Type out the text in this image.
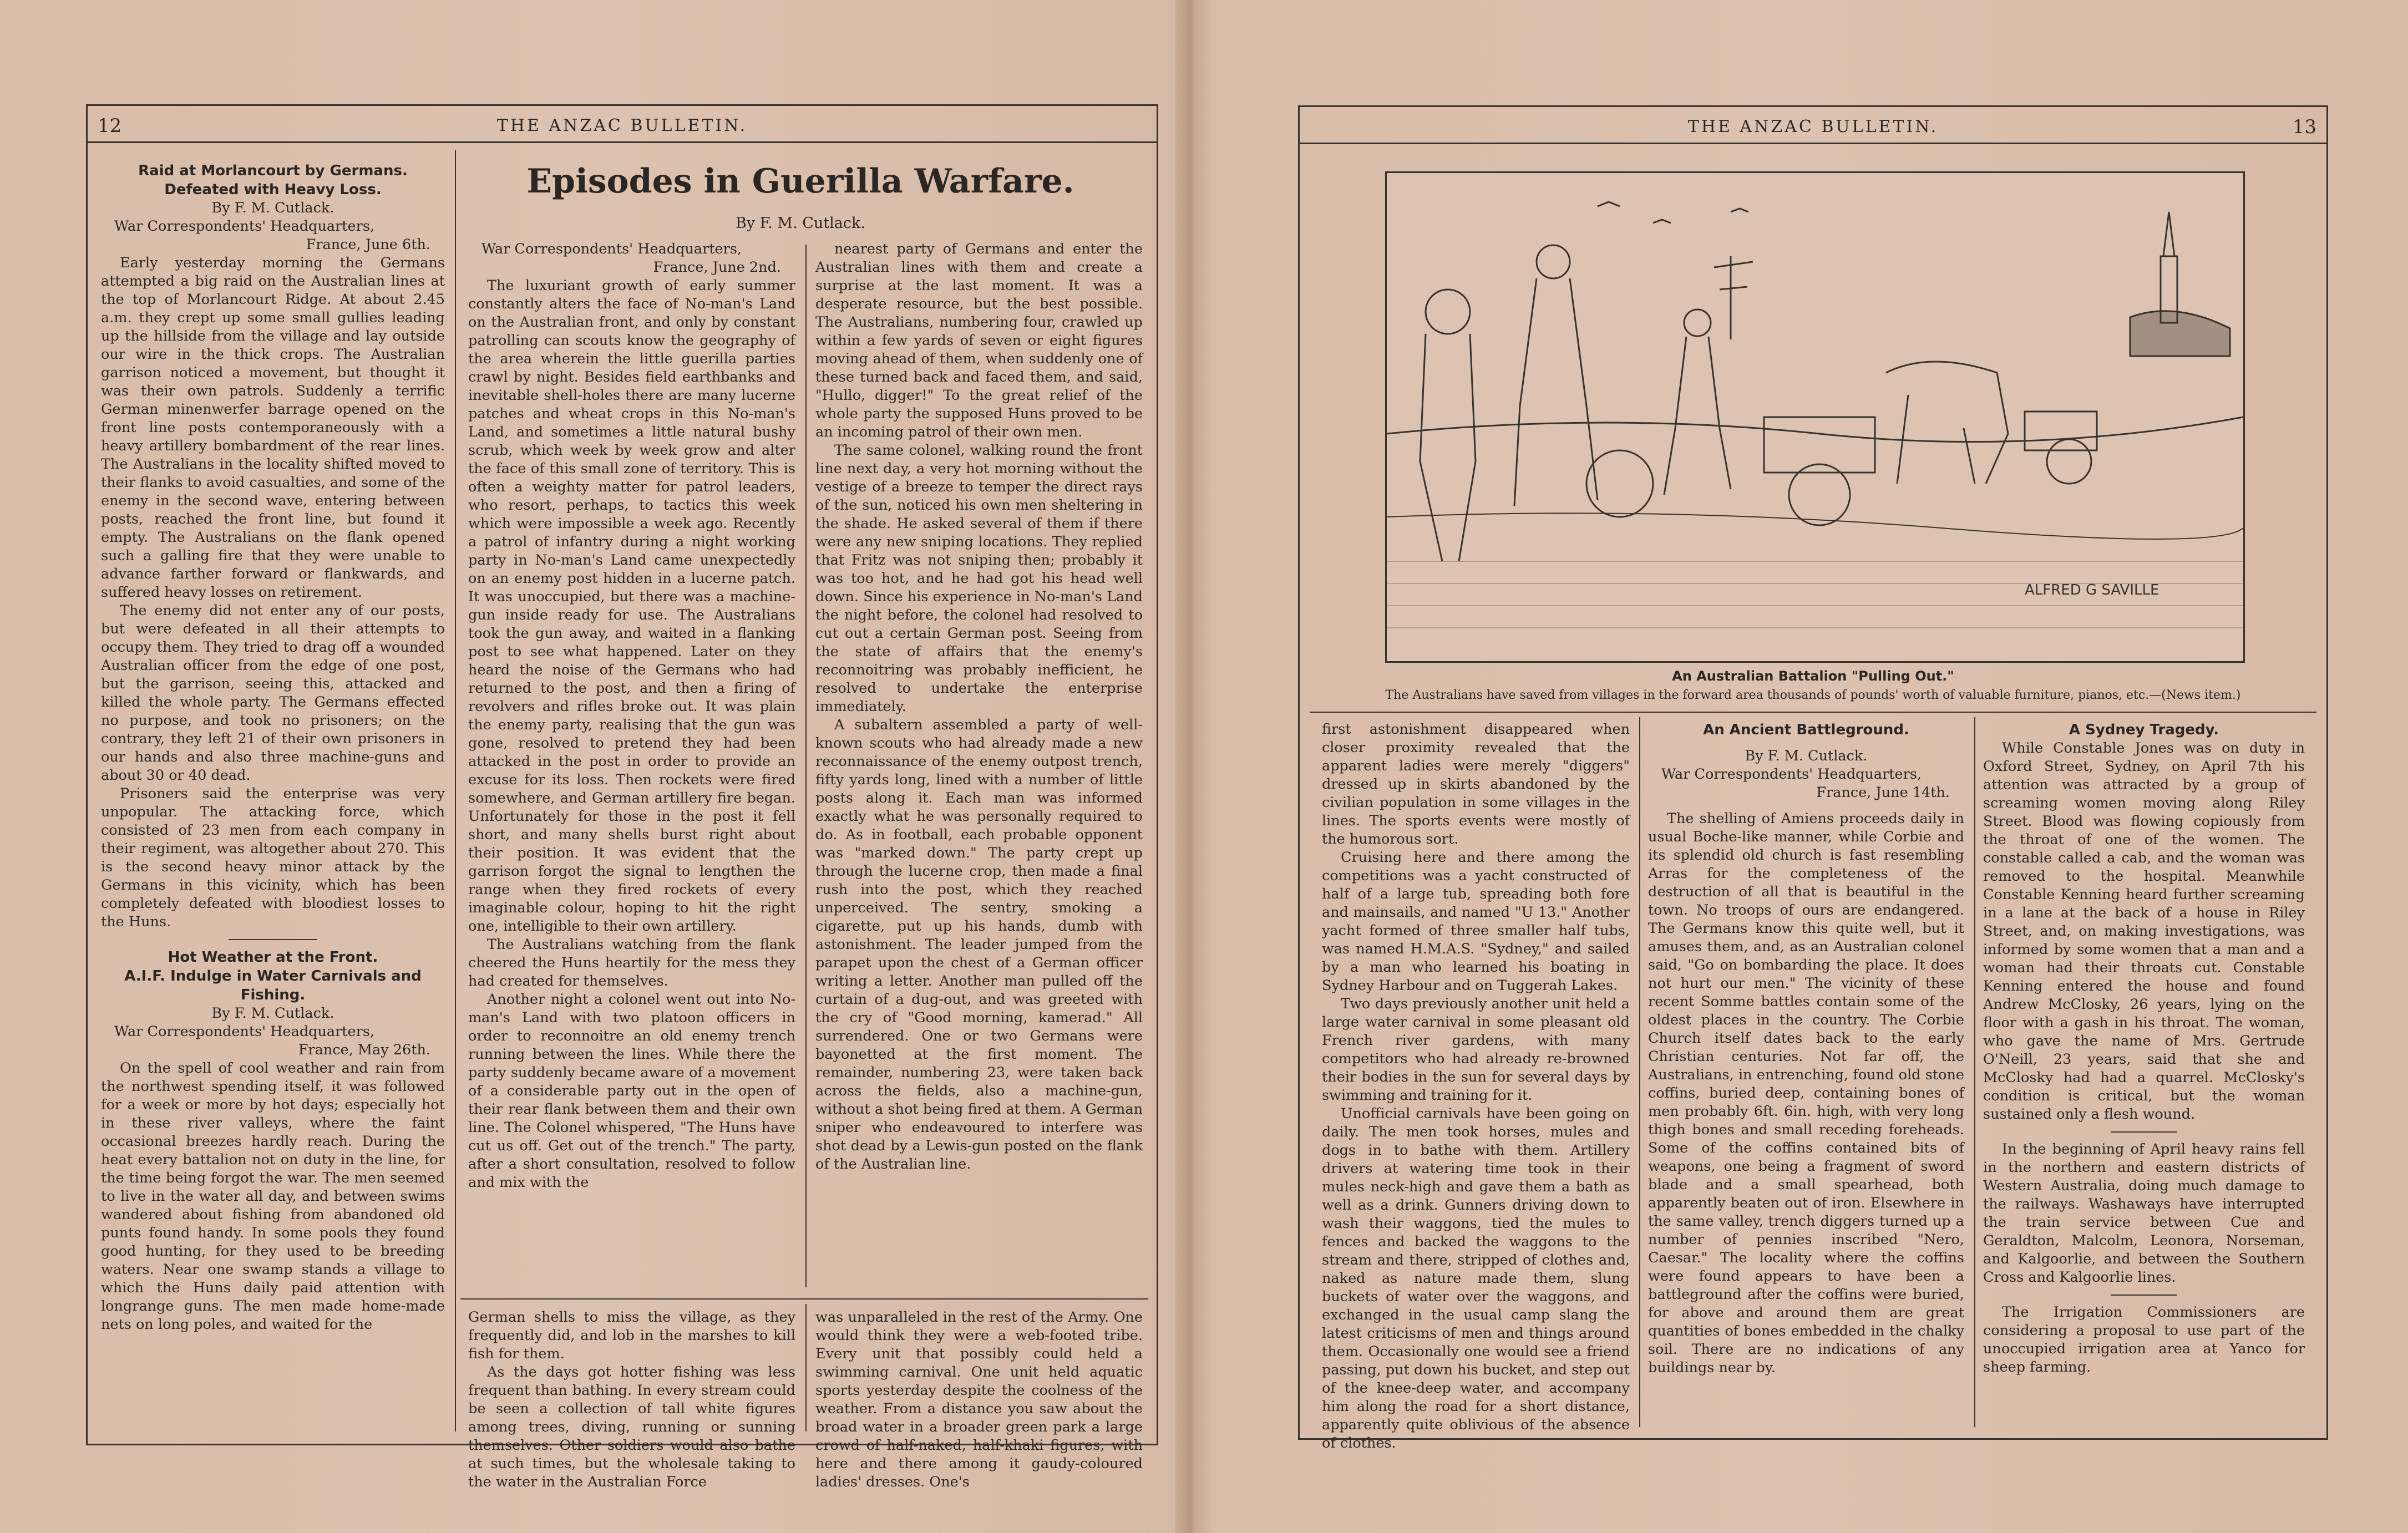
12	THE ANZAC BULLETIN.
Raid at Morlancourt by Germans. Defeated with Heavy Loss.
By F. M. Cutlack.
War Correspondents' Headquarters,
France, June 6th.

Early yesterday morning the Germans attempted a big raid on the Australian lines at the top of Morlancourt Ridge. At about 2.45 a.m. they crept up some small gullies leading up the hillside from the village and lay outside our wire in the thick crops. The Australian garrison noticed a movement, but thought it was their own patrols. Suddenly a terrific German minenwerfer barrage opened on the front line posts contemporaneously with a heavy artillery bombardment of the rear lines. The Australians in the locality shifted moved to their flanks to avoid casualties, and some of the enemy in the second wave, entering between posts, reached the front line, but found it empty. The Australians on the flank opened such a galling fire that they were unable to advance farther forward or flankwards, and suffered heavy losses on retirement.

The enemy did not enter any of our posts, but were defeated in all their attempts to occupy them. They tried to drag off a wounded Australian officer from the edge of one post, but the garrison, seeing this, attacked and killed the whole party. The Germans effected no purpose, and took no prisoners; on the contrary, they left 21 of their own prisoners in our hands and also three machine-guns and about 30 or 40 dead.

Prisoners said the enterprise was very unpopular. The attacking force, which consisted of 23 men from each company in their regiment, was altogether about 270. This is the second heavy minor attack by the Germans in this vicinity, which has been completely defeated with bloodiest losses to the Huns.

Hot Weather at the Front.
A.I.F. Indulge in Water Carnivals and Fishing.
By F. M. Cutlack.
War Correspondents' Headquarters,
France, May 26th.

On the spell of cool weather and rain from the northwest spending itself, it was followed for a week or more by hot days; especially hot in these river valleys, where the faint occasional breezes hardly reach. During the heat every battalion not on duty in the line, for the time being forgot the war. The men seemed to live in the water all day, and between swims wandered about fishing from abandoned old punts found handy. In some pools they found good hunting, for they used to be breeding waters. Near one swamp stands a village to which the Huns daily paid attention with longrange guns. The men made home-made nets on long poles, and waited for the

Episodes in Guerilla Warfare.
By F. M. Cutlack.
War Correspondents' Headquarters,
France, June 2nd.

The luxuriant growth of early summer constantly alters the face of No-man's Land on the Australian front, and only by constant patrolling can scouts know the geography of the area wherein the little guerilla parties crawl by night. Besides field earthbanks and inevitable shell-holes there are many lucerne patches and wheat crops in this No-man's Land, and sometimes a little natural bushy scrub, which week by week grow and alter the face of this small zone of territory. This is often a weighty matter for patrol leaders, who resort, perhaps, to tactics this week which were impossible a week ago. Recently a patrol of infantry during a night working party in No-man's Land came unexpectedly on an enemy post hidden in a lucerne patch. It was unoccupied, but there was a machine-gun inside ready for use. The Australians took the gun away, and waited in a flanking post to see what happened. Later on they heard the noise of the Germans who had returned to the post, and then a firing of revolvers and rifles broke out. It was plain the enemy party, realising that the gun was gone, resolved to pretend they had been attacked in the post in order to provide an excuse for its loss. Then rockets were fired somewhere, and German artillery fire began. Unfortunately for those in the post it fell short, and many shells burst right about their position. It was evident that the garrison forgot the signal to lengthen the range when they fired rockets of every imaginable colour, hoping to hit the right one, intelligible to their own artillery.

The Australians watching from the flank cheered the Huns heartily for the mess they had created for themselves.

Another night a colonel went out into No-man's Land with two platoon officers in order to reconnoitre an old enemy trench running between the lines. While there the party suddenly became aware of a movement of a considerable party out in the open of their rear flank between them and their own line. The Colonel whispered, "The Huns have cut us off. Get out of the trench." The party, after a short consultation, resolved to follow and mix with the

nearest party of Germans and enter the Australian lines with them and create a surprise at the last moment. It was a desperate resource, but the best possible. The Australians, numbering four, crawled up within a few yards of seven or eight figures moving ahead of them, when suddenly one of these turned back and faced them, and said, "Hullo, digger!" To the great relief of the whole party the supposed Huns proved to be an incoming patrol of their own men.

The same colonel, walking round the front line next day, a very hot morning without the vestige of a breeze to temper the direct rays of the sun, noticed his own men sheltering in the shade. He asked several of them if there were any new sniping locations. They replied that Fritz was not sniping then; probably it was too hot, and he had got his head well down. Since his experience in No-man's Land the night before, the colonel had resolved to cut out a certain German post. Seeing from the state of affairs that the enemy's reconnoitring was probably inefficient, he resolved to undertake the enterprise immediately.

A subaltern assembled a party of well-known scouts who had already made a new reconnaissance of the enemy outpost trench, fifty yards long, lined with a number of little posts along it. Each man was informed exactly what he was personally required to do. As in football, each probable opponent was "marked down." The party crept up through the lucerne crop, then made a final rush into the post, which they reached unperceived. The sentry, smoking a cigarette, put up his hands, dumb with astonishment. The leader jumped from the parapet upon the chest of a German officer writing a letter. Another man pulled off the curtain of a dug-out, and was greeted with the cry of "Good morning, kamerad." All surrendered. One or two Germans were bayonetted at the first moment. The remainder, numbering 23, were taken back across the fields, also a machine-gun, without a shot being fired at them. A German sniper who endeavoured to interfere was shot dead by a Lewis-gun posted on the flank of the Australian line.

German shells to miss the village, as they frequently did, and lob in the marshes to kill fish for them.

As the days got hotter fishing was less frequent than bathing. In every stream could be seen a collection of tall white figures among trees, diving, running or sunning themselves. Other soldiers would also bathe at such times, but the wholesale taking to the water in the Australian Force

was unparalleled in the rest of the Army. One would think they were a web-footed tribe. Every unit that possibly could held a swimming carnival. One unit held aquatic sports yesterday despite the coolness of the weather. From a distance you saw about the broad water in a broader green park a large crowd of half-naked, half-khaki figures, with here and there among it gaudy-coloured ladies' dresses. One's

THE ANZAC BULLETIN.	13
ALFRED G SAVILLE
An Australian Battalion "Pulling Out."
The Australians have saved from villages in the forward area thousands of pounds' worth of valuable furniture, pianos, etc.—(News item.)

first astonishment disappeared when closer proximity revealed that the apparent ladies were merely "diggers" dressed up in skirts abandoned by the civilian population in some villages in the lines. The sports events were mostly of the humorous sort.

Cruising here and there among the competitions was a yacht constructed of half of a large tub, spreading both fore and mainsails, and named "U 13." Another yacht formed of three smaller half tubs, was named H.M.A.S. "Sydney," and sailed by a man who learned his boating in Sydney Harbour and on Tuggerah Lakes.

Two days previously another unit held a large water carnival in some pleasant old French river gardens, with many competitors who had already re-browned their bodies in the sun for several days by swimming and training for it.

Unofficial carnivals have been going on daily. The men took horses, mules and dogs in to bathe with them. Artillery drivers at watering time took in their mules neck-high and gave them a bath as well as a drink. Gunners driving down to wash their waggons, tied the mules to fences and backed the waggons to the stream and there, stripped of clothes and, naked as nature made them, slung buckets of water over the waggons, and exchanged in the usual camp slang the latest criticisms of men and things around them. Occasionally one would see a friend passing, put down his bucket, and step out of the knee-deep water, and accompany him along the road for a short distance, apparently quite oblivious of the absence of clothes.

An Ancient Battleground.
By F. M. Cutlack.
War Correspondents' Headquarters,
France, June 14th.

The shelling of Amiens proceeds daily in usual Boche-like manner, while Corbie and its splendid old church is fast resembling Arras for the completeness of the destruction of all that is beautiful in the town. No troops of ours are endangered. The Germans know this quite well, but it amuses them, and, as an Australian colonel said, "Go on bombarding the place. It does not hurt our men." The vicinity of these recent Somme battles contain some of the oldest places in the country. The Corbie Church itself dates back to the early Christian centuries. Not far off, the Australians, in entrenching, found old stone coffins, buried deep, containing bones of men probably 6ft. 6in. high, with very long thigh bones and small receding foreheads. Some of the coffins contained bits of weapons, one being a fragment of sword blade and a small spearhead, both apparently beaten out of iron. Elsewhere in the same valley, trench diggers turned up a number of pennies inscribed "Nero, Caesar." The locality where the coffins were found appears to have been a battleground after the coffins were buried, for above and around them are great quantities of bones embedded in the chalky soil. There are no indications of any buildings near by.

A Sydney Tragedy.

While Constable Jones was on duty in Oxford Street, Sydney, on April 7th his attention was attracted by a group of screaming women moving along Riley Street. Blood was flowing copiously from the throat of one of the women. The constable called a cab, and the woman was removed to the hospital. Meanwhile Constable Kenning heard further screaming in a lane at the back of a house in Riley Street, and, on making investigations, was informed by some women that a man and a woman had their throats cut. Constable Kenning entered the house and found Andrew McClosky, 26 years, lying on the floor with a gash in his throat. The woman, who gave the name of Mrs. Gertrude O'Neill, 23 years, said that she and McClosky had had a quarrel. McClosky's condition is critical, but the woman sustained only a flesh wound.

In the beginning of April heavy rains fell in the northern and eastern districts of Western Australia, doing much damage to the railways. Washaways have interrupted the train service between Cue and Geraldton, Malcolm, Leonora, Norseman, and Kalgoorlie, and between the Southern Cross and Kalgoorlie lines.

The Irrigation Commissioners are considering a proposal to use part of the unoccupied irrigation area at Yanco for sheep farming.
